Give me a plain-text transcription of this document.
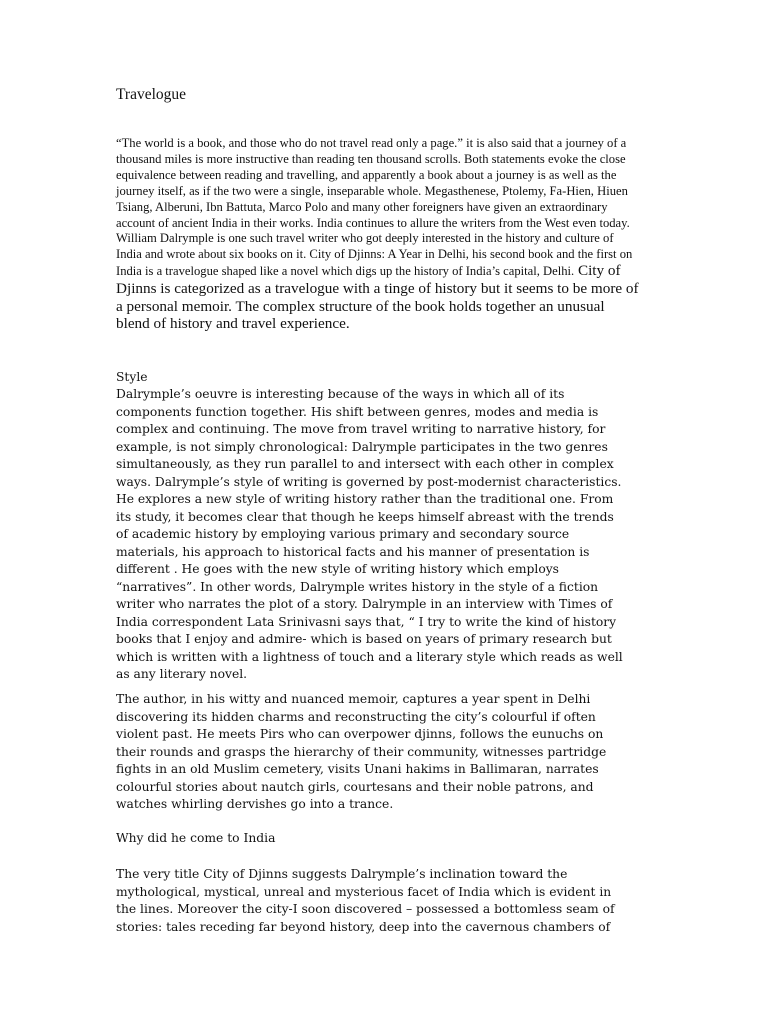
Travelogue
“The world is a book, and those who do not travel read only a page.” it is also said that a journey of a
thousand miles is more instructive than reading ten thousand scrolls. Both statements evoke the close
equivalence between reading and travelling, and apparently a book about a journey is as well as the
journey itself, as if the two were a single, inseparable whole. Megasthenese, Ptolemy, Fa-Hien, Hiuen
Tsiang, Alberuni, Ibn Battuta, Marco Polo and many other foreigners have given an extraordinary
account of ancient India in their works. India continues to allure the writers from the West even today.
William Dalrymple is one such travel writer who got deeply interested in the history and culture of
India and wrote about six books on it. City of Djinns: A Year in Delhi, his second book and the first on
India is a travelogue shaped like a novel which digs up the history of India’s capital, Delhi. City of
Djinns is categorized as a travelogue with a tinge of history but it seems to be more of
a personal memoir. The complex structure of the book holds together an unusual
blend of history and travel experience.
Style
Dalrymple’s oeuvre is interesting because of the ways in which all of its
components function together. His shift between genres, modes and media is
complex and continuing. The move from travel writing to narrative history, for
example, is not simply chronological: Dalrymple participates in the two genres
simultaneously, as they run parallel to and intersect with each other in complex
ways. Dalrymple’s style of writing is governed by post-modernist characteristics.
He explores a new style of writing history rather than the traditional one. From
its study, it becomes clear that though he keeps himself abreast with the trends
of academic history by employing various primary and secondary source
materials, his approach to historical facts and his manner of presentation is
different . He goes with the new style of writing history which employs
“narratives”. In other words, Dalrymple writes history in the style of a fiction
writer who narrates the plot of a story. Dalrymple in an interview with Times of
India correspondent Lata Srinivasni says that, “ I try to write the kind of history
books that I enjoy and admire- which is based on years of primary research but
which is written with a lightness of touch and a literary style which reads as well
as any literary novel.
The author, in his witty and nuanced memoir, captures a year spent in Delhi
discovering its hidden charms and reconstructing the city’s colourful if often
violent past. He meets Pirs who can overpower djinns, follows the eunuchs on
their rounds and grasps the hierarchy of their community, witnesses partridge
fights in an old Muslim cemetery, visits Unani hakims in Ballimaran, narrates
colourful stories about nautch girls, courtesans and their noble patrons, and
watches whirling dervishes go into a trance.
Why did he come to India
The very title City of Djinns suggests Dalrymple’s inclination toward the
mythological, mystical, unreal and mysterious facet of India which is evident in
the lines. Moreover the city-I soon discovered – possessed a bottomless seam of
stories: tales receding far beyond history, deep into the cavernous chambers of
